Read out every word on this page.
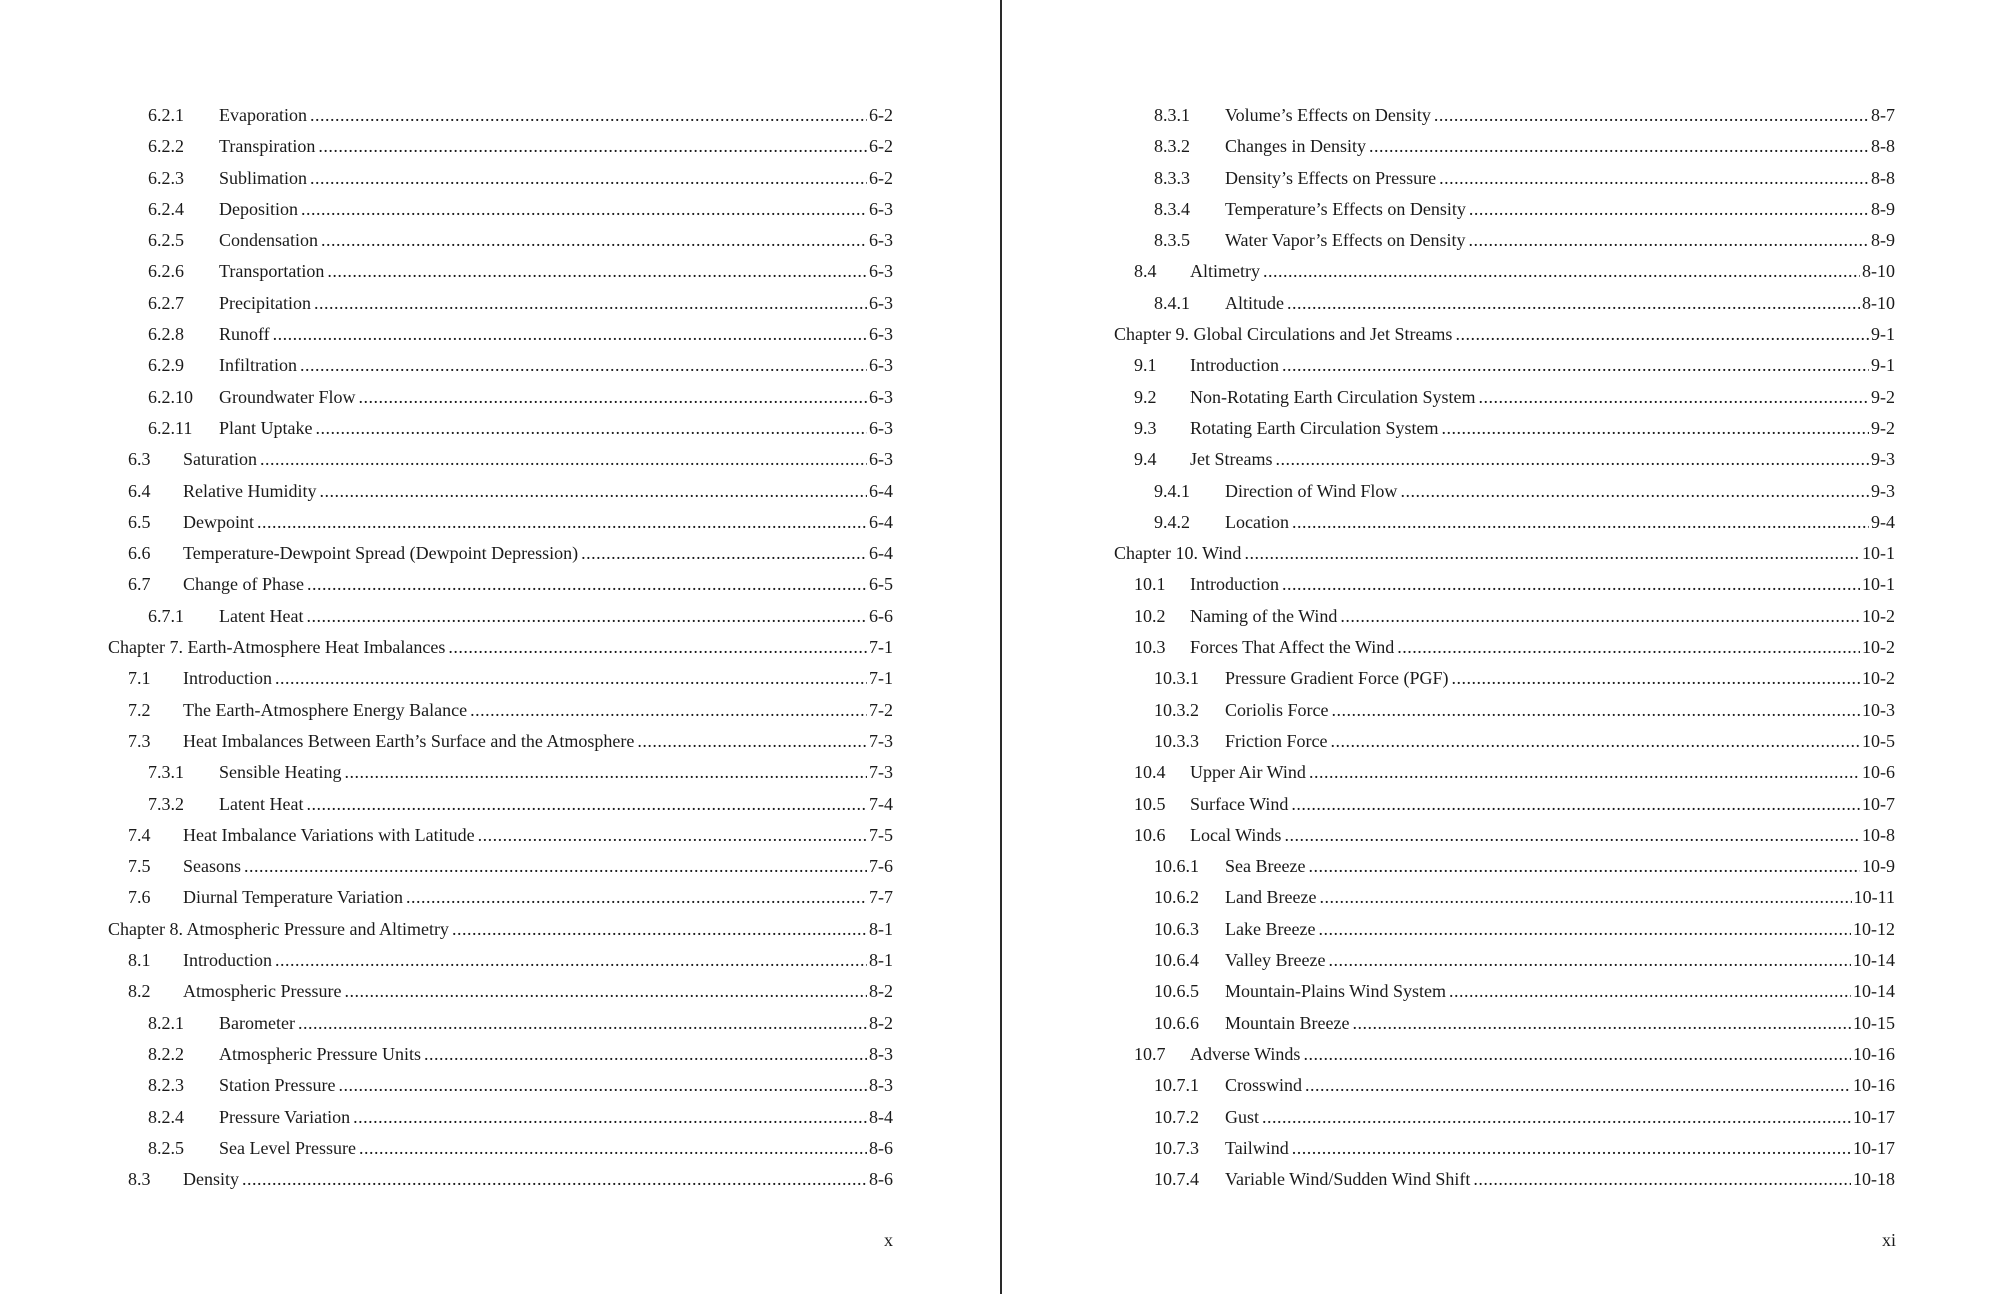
6.2.1	Evaporation .....	6-2
6.2.2	Transpiration .....	6-2
6.2.3	Sublimation .....	6-2
6.2.4	Deposition .....	6-3
6.2.5	Condensation .....	6-3
6.2.6	Transportation .....	6-3
6.2.7	Precipitation .....	6-3
6.2.8	Runoff .....	6-3
6.2.9	Infiltration .....	6-3
6.2.10	Groundwater Flow .....	6-3
6.2.11	Plant Uptake .....	6-3
6.3	Saturation .....	6-3
6.4	Relative Humidity .....	6-4
6.5	Dewpoint .....	6-4
6.6	Temperature-Dewpoint Spread (Dewpoint Depression) .....	6-4
6.7	Change of Phase .....	6-5
6.7.1	Latent Heat .....	6-6
Chapter 7. Earth-Atmosphere Heat Imbalances .....	7-1
7.1	Introduction .....	7-1
7.2	The Earth-Atmosphere Energy Balance .....	7-2
7.3	Heat Imbalances Between Earth’s Surface and the Atmosphere .....	7-3
7.3.1	Sensible Heating .....	7-3
7.3.2	Latent Heat .....	7-4
7.4	Heat Imbalance Variations with Latitude .....	7-5
7.5	Seasons .....	7-6
7.6	Diurnal Temperature Variation .....	7-7
Chapter 8. Atmospheric Pressure and Altimetry .....	8-1
8.1	Introduction .....	8-1
8.2	Atmospheric Pressure .....	8-2
8.2.1	Barometer .....	8-2
8.2.2	Atmospheric Pressure Units .....	8-3
8.2.3	Station Pressure .....	8-3
8.2.4	Pressure Variation .....	8-4
8.2.5	Sea Level Pressure .....	8-6
8.3	Density .....	8-6
x
8.3.1	Volume’s Effects on Density .....	8-7
8.3.2	Changes in Density .....	8-8
8.3.3	Density’s Effects on Pressure .....	8-8
8.3.4	Temperature’s Effects on Density .....	8-9
8.3.5	Water Vapor’s Effects on Density .....	8-9
8.4	Altimetry .....	8-10
8.4.1	Altitude .....	8-10
Chapter 9. Global Circulations and Jet Streams .....	9-1
9.1	Introduction .....	9-1
9.2	Non-Rotating Earth Circulation System .....	9-2
9.3	Rotating Earth Circulation System .....	9-2
9.4	Jet Streams .....	9-3
9.4.1	Direction of Wind Flow .....	9-3
9.4.2	Location .....	9-4
Chapter 10. Wind .....	10-1
10.1	Introduction .....	10-1
10.2	Naming of the Wind .....	10-2
10.3	Forces That Affect the Wind .....	10-2
10.3.1	Pressure Gradient Force (PGF) .....	10-2
10.3.2	Coriolis Force .....	10-3
10.3.3	Friction Force .....	10-5
10.4	Upper Air Wind .....	10-6
10.5	Surface Wind .....	10-7
10.6	Local Winds .....	10-8
10.6.1	Sea Breeze .....	10-9
10.6.2	Land Breeze .....	10-11
10.6.3	Lake Breeze .....	10-12
10.6.4	Valley Breeze .....	10-14
10.6.5	Mountain-Plains Wind System .....	10-14
10.6.6	Mountain Breeze .....	10-15
10.7	Adverse Winds .....	10-16
10.7.1	Crosswind .....	10-16
10.7.2	Gust .....	10-17
10.7.3	Tailwind .....	10-17
10.7.4	Variable Wind/Sudden Wind Shift .....	10-18
xi
